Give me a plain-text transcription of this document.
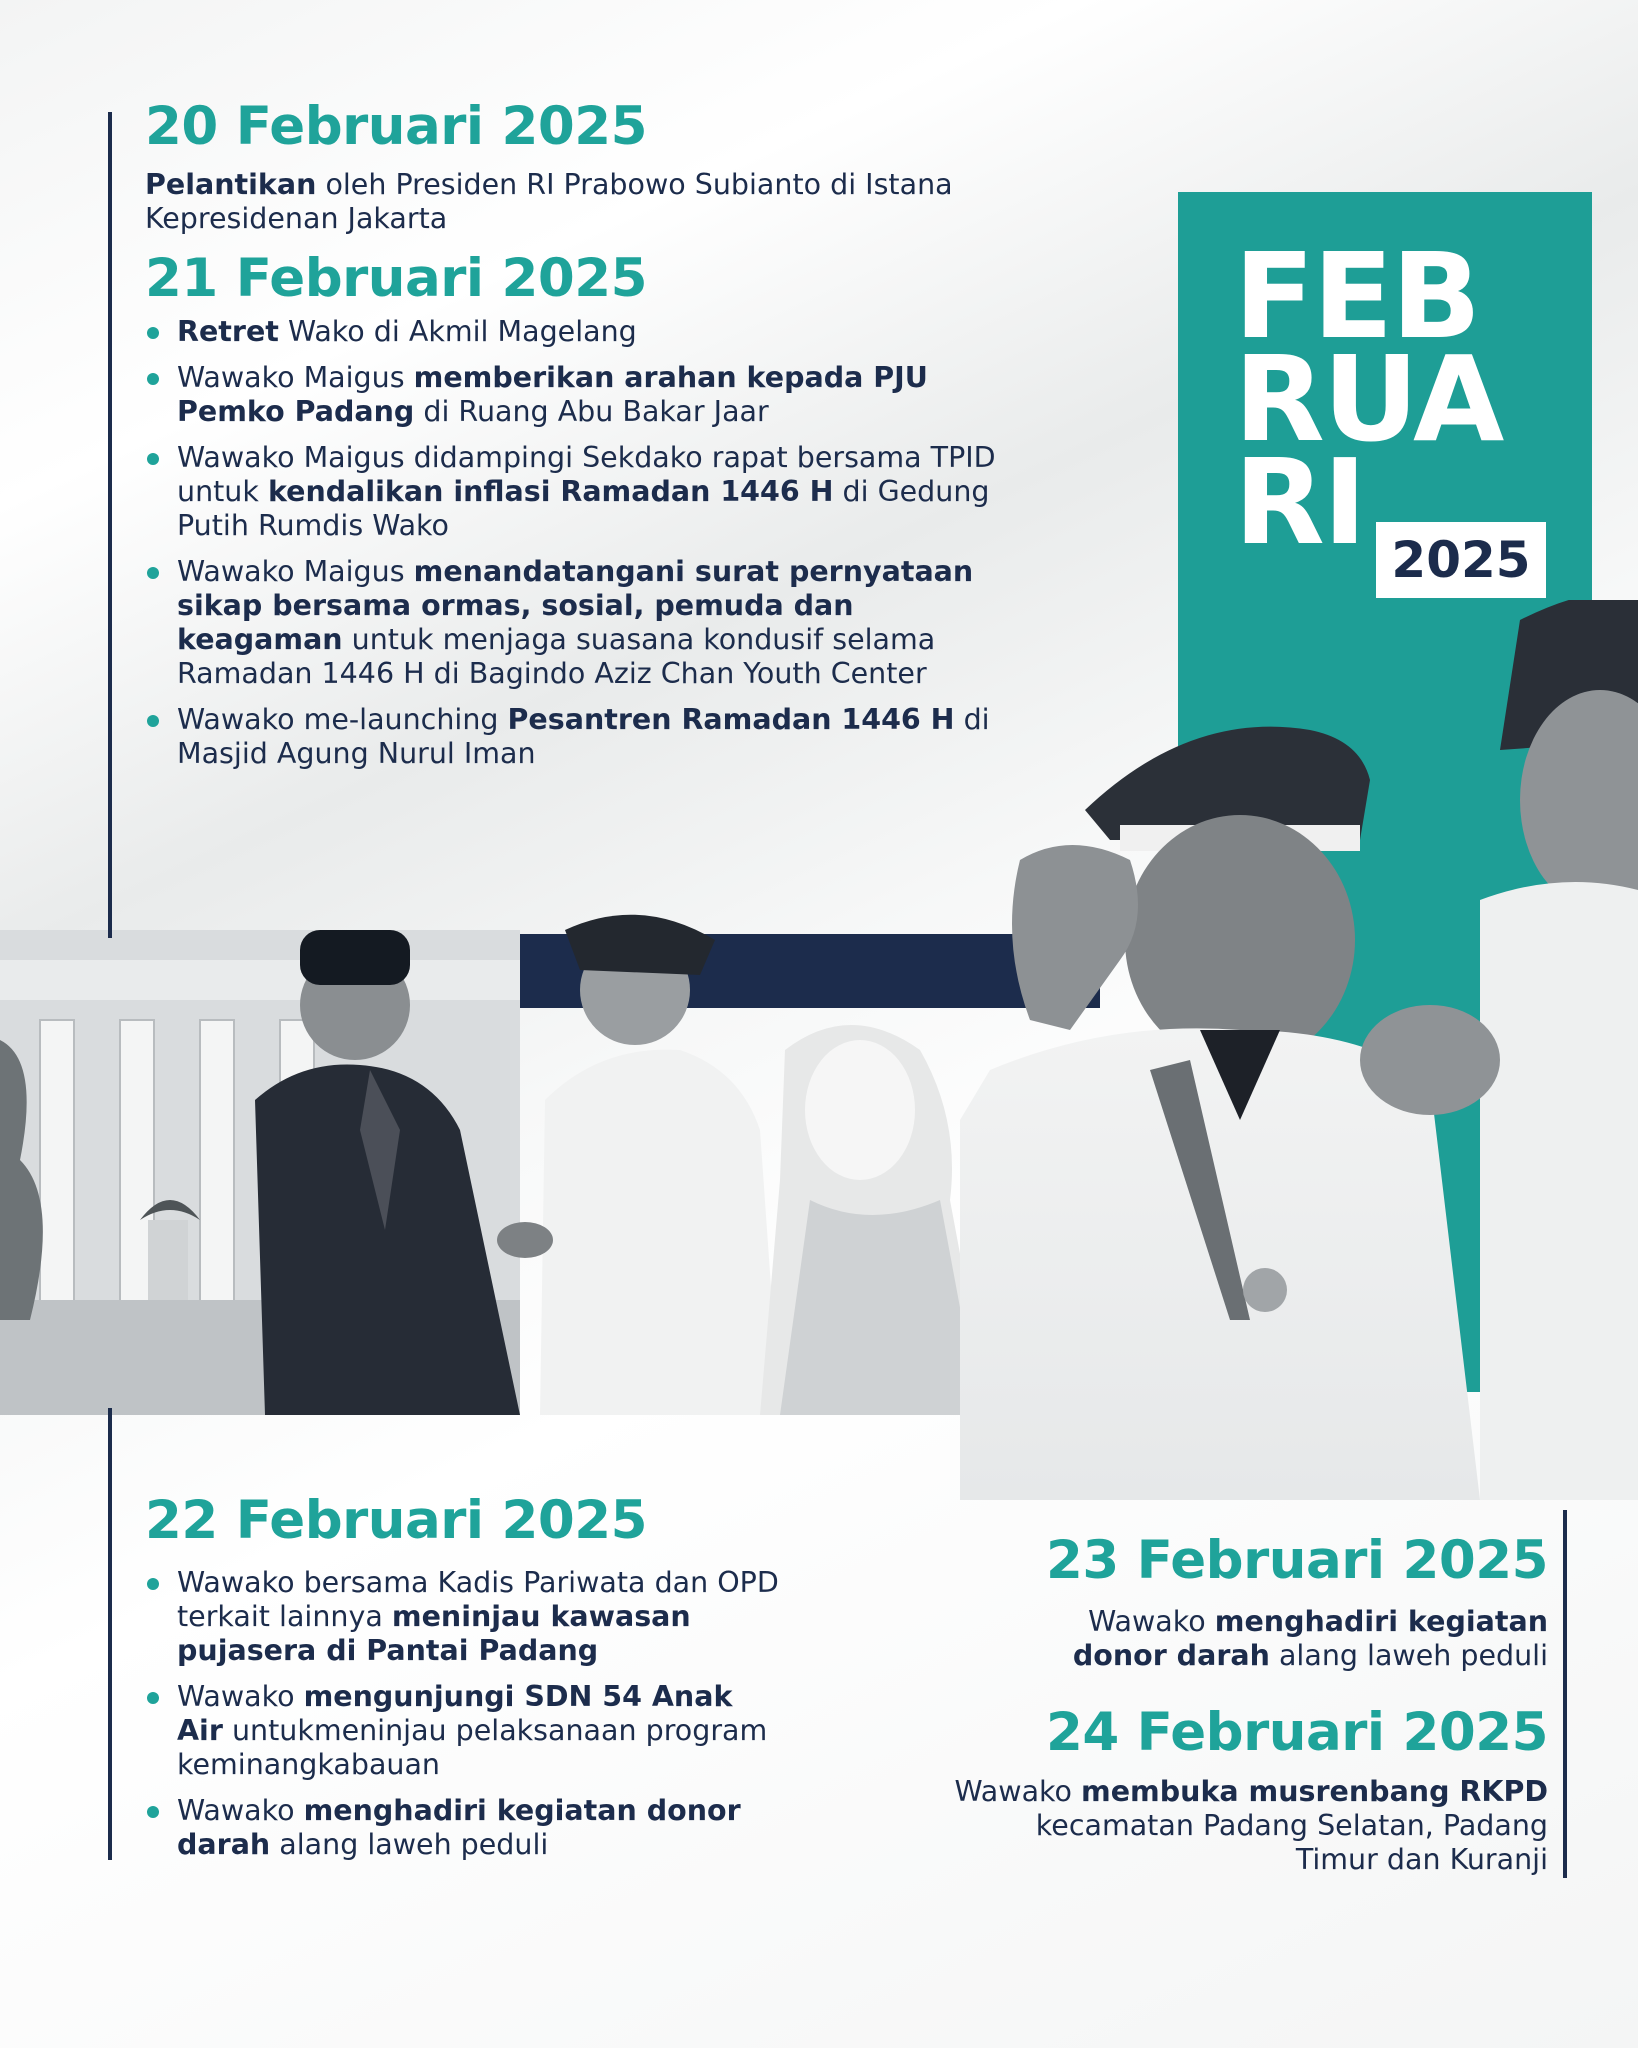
FEB
RUA
RI 2025
20 Februari 2025

Pelantikan oleh Presiden RI Prabowo Subianto di Istana Kepresidenan Jakarta

21 Februari 2025
Retret Wako di Akmil Magelang
Wawako Maigus memberikan arahan kepada PJU Pemko Padang di Ruang Abu Bakar Jaar
Wawako Maigus didampingi Sekdako rapat bersama TPID untuk kendalikan inflasi Ramadan 1446 H di Gedung Putih Rumdis Wako
Wawako Maigus menandatangani surat pernyataan sikap bersama ormas, sosial, pemuda dan keagaman untuk menjaga suasana kondusif selama Ramadan 1446 H di Bagindo Aziz Chan Youth Center
Wawako me-launching Pesantren Ramadan 1446 H di Masjid Agung Nurul Iman
22 Februari 2025
Wawako bersama Kadis Pariwata dan OPD terkait lainnya meninjau kawasan pujasera di Pantai Padang
Wawako mengunjungi SDN 54 Anak Air untukmeninjau pelaksanaan program keminangkabauan
Wawako menghadiri kegiatan donor darah alang laweh peduli
23 Februari 2025

Wawako menghadiri kegiatan donor darah alang laweh peduli

24 Februari 2025

Wawako membuka musrenbang RKPD kecamatan Padang Selatan, Padang Timur dan Kuranji
